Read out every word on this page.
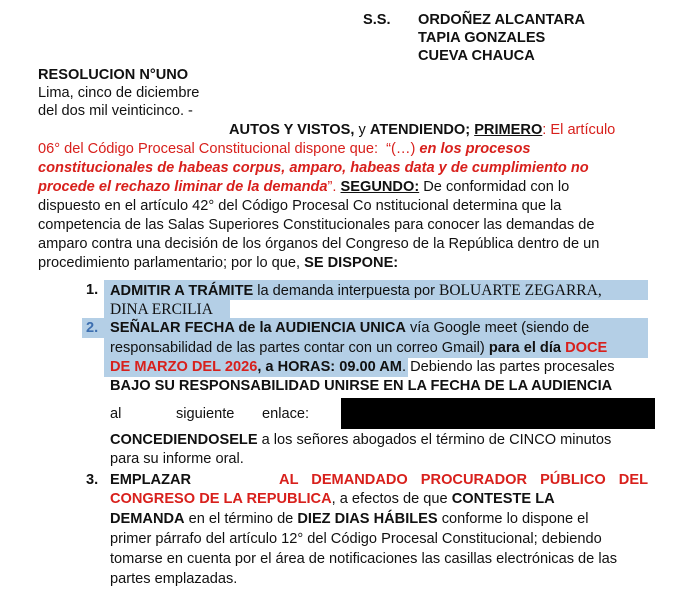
S.S. ORDOÑEZ ALCANTARA
TAPIA GONZALES
CUEVA CHAUCA
RESOLUCION N°UNO
Lima, cinco de diciembre
del dos mil veinticinco. -
AUTOS Y VISTOS, y ATENDIENDO; PRIMERO: El artículo
06° del Código Procesal Constitucional dispone que: “(…) en los procesos
constitucionales de habeas corpus, amparo, habeas data y de cumplimiento no
procede el rechazo liminar de la demanda”. SEGUNDO: De conformidad con lo
dispuesto en el artículo 42° del Código Procesal Co nstitucional determina que la
competencia de las Salas Superiores Constitucionales para conocer las demandas de
amparo contra una decisión de los órganos del Congreso de la República dentro de un
procedimiento parlamentario; por lo que, SE DISPONE:
1. ADMITIR A TRÁMITE la demanda interpuesta por BOLUARTE ZEGARRA,
DINA ERCILIA
2. SEÑALAR FECHA de la AUDIENCIA UNICA vía Google meet (siendo de
responsabilidad de las partes contar con un correo Gmail) para el día DOCE
DE MARZO DEL 2026, a HORAS: 09.00 AM. Debiendo las partes procesales
BAJO SU RESPONSABILIDAD UNIRSE EN LA FECHA DE LA AUDIENCIA
al	siguiente enlace:
CONCEDIENDOSELE a los señores abogados el término de CINCO minutos
para su informe oral.
3. EMPLAZAR	AL DEMANDADO PROCURADOR PÚBLICO DEL
CONGRESO DE LA REPUBLICA, a efectos de que CONTESTE LA
DEMANDA en el término de DIEZ DIAS HÁBILES conforme lo dispone el
primer párrafo del artículo 12° del Código Procesal Constitucional; debiendo
tomarse en cuenta por el área de notificaciones las casillas electrónicas de las
partes emplazadas.
